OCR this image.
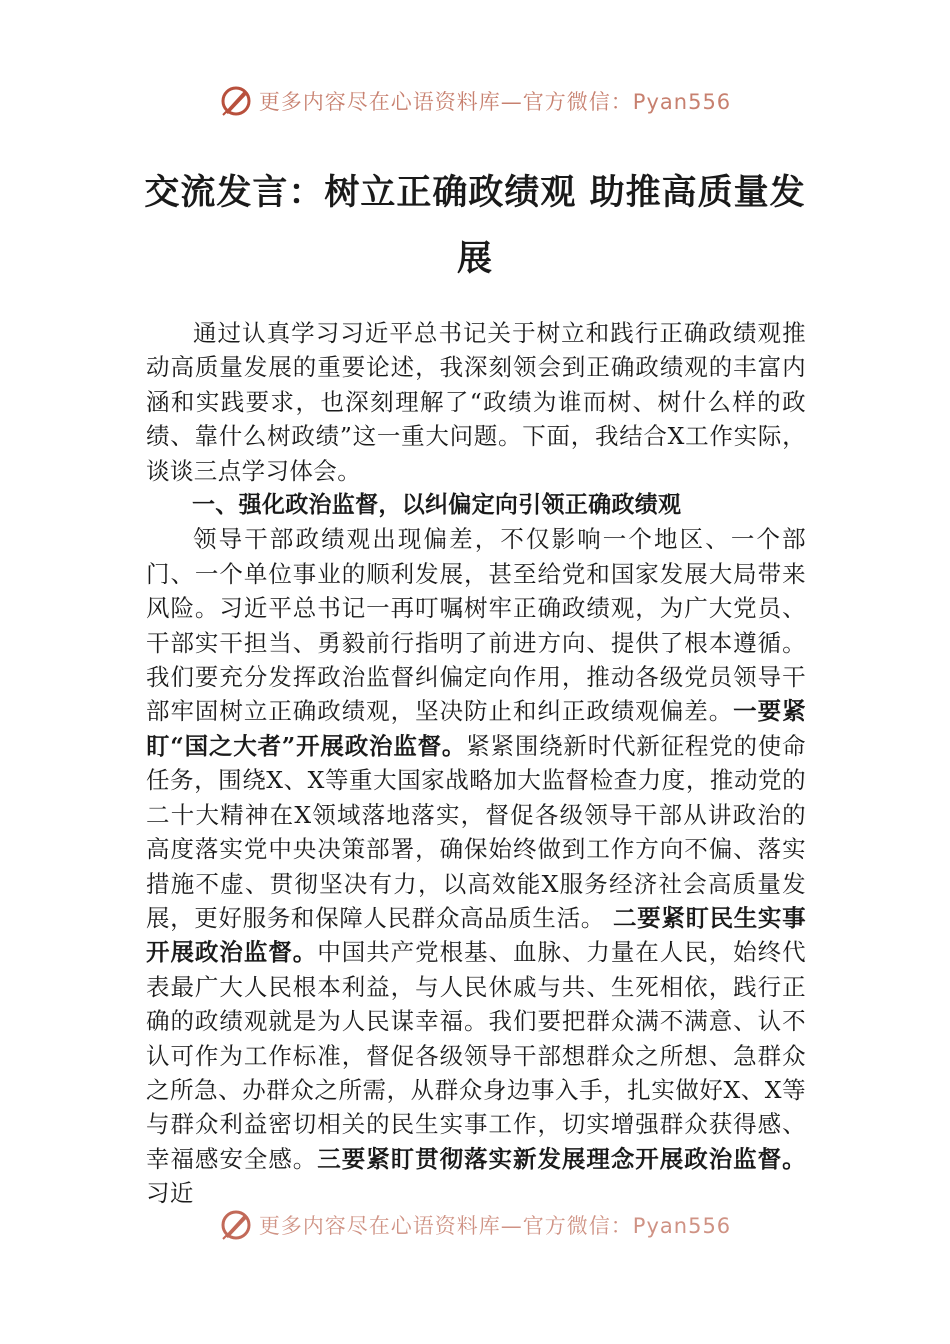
更多内容尽在心语资料库—官方微信：Pyan556
交流发言：树立正确政绩观 助推高质量发展

通过认真学习习近平总书记关于树立和践行正确政绩观推动高质量发展的重要论述，我深刻领会到正确政绩观的丰富内涵和实践要求，也深刻理解了“政绩为谁而树、树什么样的政绩、靠什么树政绩”这一重大问题。下面，我结合X工作实际，谈谈三点学习体会。

一、强化政治监督，以纠偏定向引领正确政绩观

领导干部政绩观出现偏差，不仅影响一个地区、一个部门、一个单位事业的顺利发展，甚至给党和国家发展大局带来风险。习近平总书记一再叮嘱树牢正确政绩观，为广大党员、干部实干担当、勇毅前行指明了前进方向、提供了根本遵循。我们要充分发挥政治监督纠偏定向作用，推动各级党员领导干部牢固树立正确政绩观，坚决防止和纠正政绩观偏差。一要紧盯“国之大者”开展政治监督。紧紧围绕新时代新征程党的使命任务，围绕X、X等重大国家战略加大监督检查力度，推动党的二十大精神在X领域落地落实，督促各级领导干部从讲政治的高度落实党中央决策部署，确保始终做到工作方向不偏、落实措施不虚、贯彻坚决有力，以高效能X服务经济社会高质量发展，更好服务和保障人民群众高品质生活。 二要紧盯民生实事开展政治监督。中国共产党根基、血脉、力量在人民，始终代表最广大人民根本利益，与人民休戚与共、生死相依，践行正确的政绩观就是为人民谋幸福。我们要把群众满不满意、认不认可作为工作标准，督促各级领导干部想群众之所想、急群众之所急、办群众之所需，从群众身边事入手，扎实做好X、X等与群众利益密切相关的民生实事工作，切实增强群众获得感、幸福感安全感。三要紧盯贯彻落实新发展理念开展政治监督。习近

更多内容尽在心语资料库—官方微信：Pyan556
